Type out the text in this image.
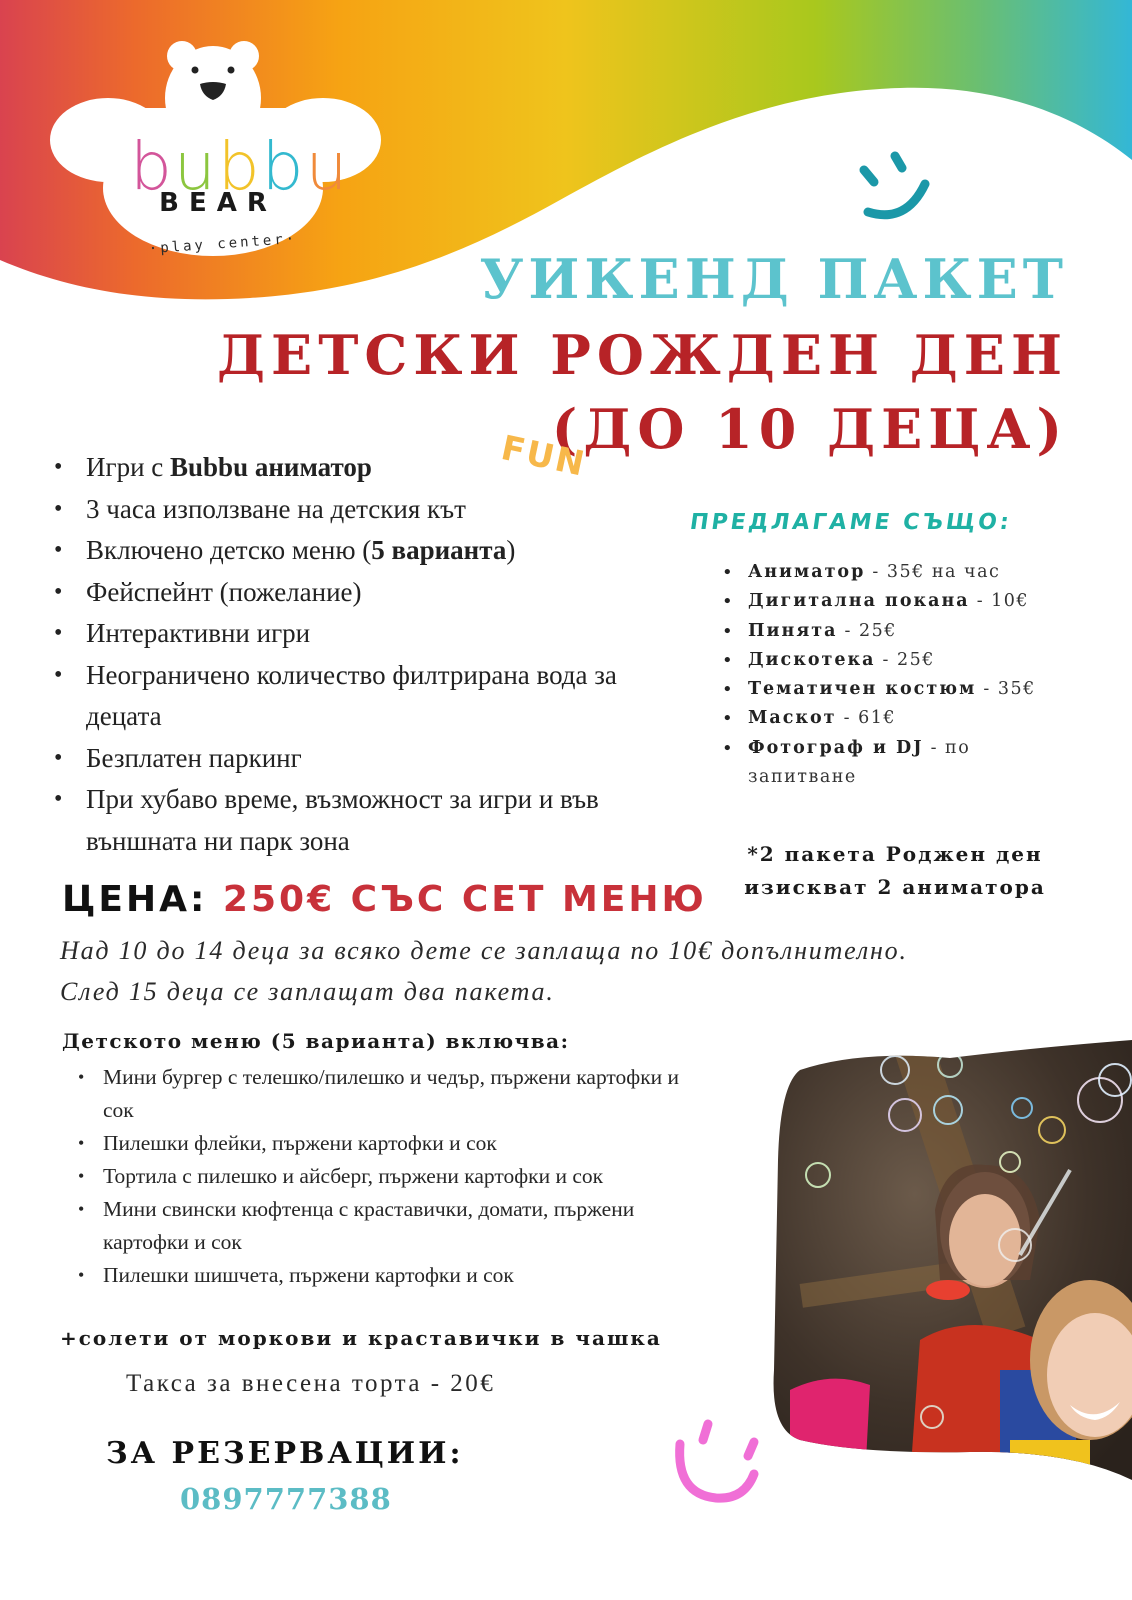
bubbu
BEAR
·play center·
УИКЕНД ПАКЕТ
ДЕТСКИ РОЖДЕН ДЕН
(ДО 10 ДЕЦА)
FUN
• Игри с Bubbu аниматор
• 3 часа използване на детския кът
• Включено детско меню (5 варианта)
• Фейспейнт (пожелание)
• Интерактивни игри
• Неограничено количество филтрирана вода за децата
• Безплатен паркинг
• При хубаво време, възможност за игри и във външната ни парк зона
ПРЕДЛАГАМЕ СЪЩО:
• Аниматор - 35€ на час
• Дигитална покана - 10€
• Пинята - 25€
• Дискотека - 25€
• Тематичен костюм - 35€
• Маскот - 61€
• Фотограф и DJ - по запитване
*2 пакета Роджен ден изискват 2 аниматора
ЦЕНА: 250€ СЪС СЕТ МЕНЮ
Над 10 до 14 деца за всяко дете се заплаща по 10€ допълнително.
След 15 деца се заплащат два пакета.
Детското меню (5 варианта) включва:
• Мини бургер с телешко/пилешко и чедър, пържени картофки и сок
• Пилешки флейки, пържени картофки и сок
• Тортила с пилешко и айсберг, пържени картофки и сок
• Мини свински кюфтенца с краставички, домати, пържени картофки и сок
• Пилешки шишчета, пържени картофки и сок
+солети от моркови и краставички в чашка
Такса за внесена торта - 20€
ЗА РЕЗЕРВАЦИИ:
0897777388
